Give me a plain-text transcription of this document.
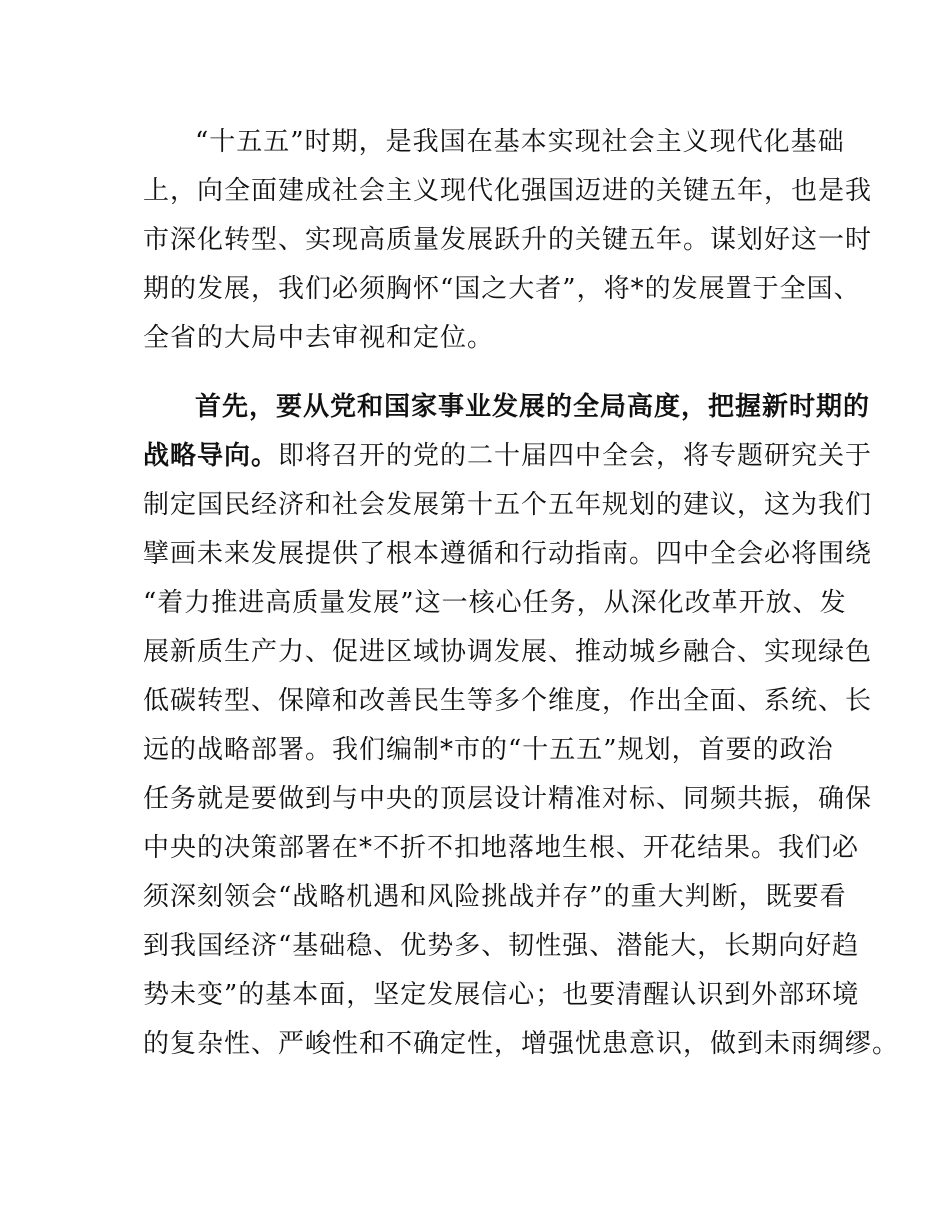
“十五五”时期，是我国在基本实现社会主义现代化基础
上，向全面建成社会主义现代化强国迈进的关键五年，也是我
市深化转型、实现高质量发展跃升的关键五年。谋划好这一时
期的发展，我们必须胸怀“国之大者”，将*的发展置于全国、
全省的大局中去审视和定位。
首先，要从党和国家事业发展的全局高度，把握新时期的
战略导向。即将召开的党的二十届四中全会，将专题研究关于
制定国民经济和社会发展第十五个五年规划的建议，这为我们
擘画未来发展提供了根本遵循和行动指南。四中全会必将围绕
“着力推进高质量发展”这一核心任务，从深化改革开放、发
展新质生产力、促进区域协调发展、推动城乡融合、实现绿色
低碳转型、保障和改善民生等多个维度，作出全面、系统、长
远的战略部署。我们编制*市的“十五五”规划，首要的政治
任务就是要做到与中央的顶层设计精准对标、同频共振，确保
中央的决策部署在*不折不扣地落地生根、开花结果。我们必
须深刻领会“战略机遇和风险挑战并存”的重大判断，既要看
到我国经济“基础稳、优势多、韧性强、潜能大，长期向好趋
势未变”的基本面，坚定发展信心；也要清醒认识到外部环境
的复杂性、严峻性和不确定性，增强忧患意识，做到未雨绸缪。
